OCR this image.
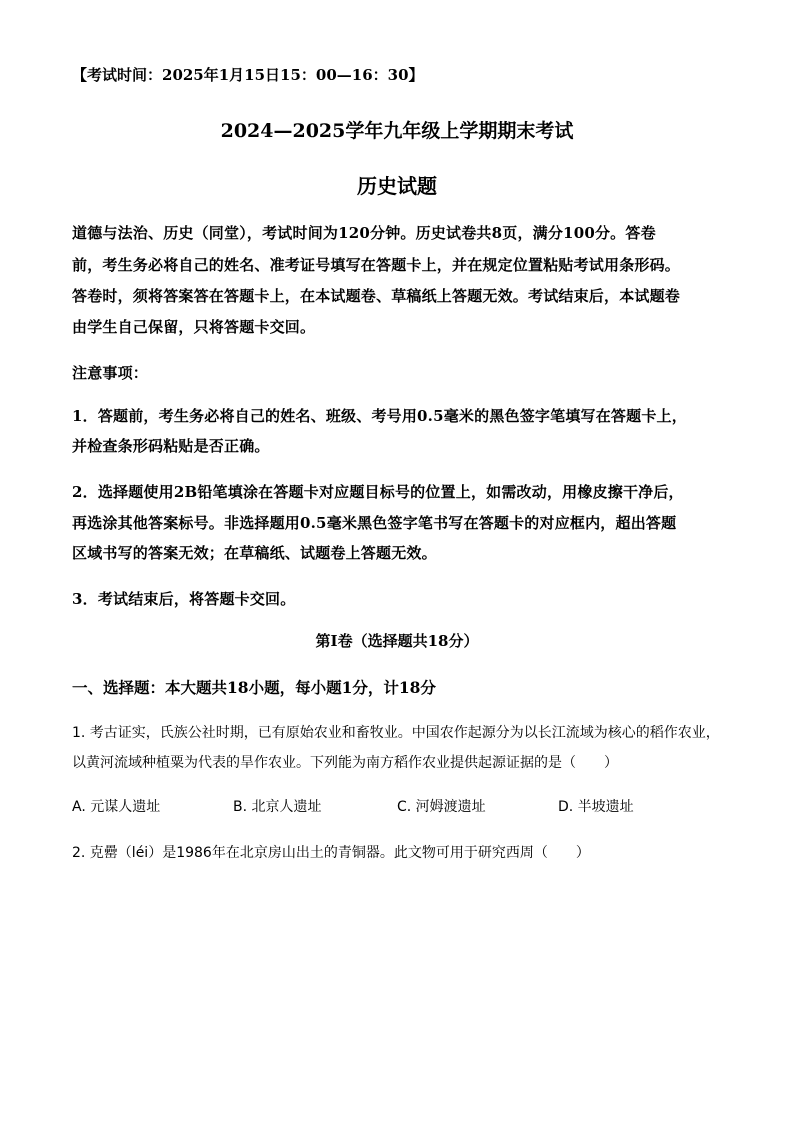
【考试时间：2025年1月15日15：00—16：30】
2024—2025学年九年级上学期期末考试
历史试题
道德与法治、历史（同堂），考试时间为120分钟。历史试卷共8页，满分100分。答卷
前，考生务必将自己的姓名、准考证号填写在答题卡上，并在规定位置粘贴考试用条形码。
答卷时，须将答案答在答题卡上，在本试题卷、草稿纸上答题无效。考试结束后，本试题卷
由学生自己保留，只将答题卡交回。
注意事项：
1．答题前，考生务必将自己的姓名、班级、考号用0.5毫米的黑色签字笔填写在答题卡上，
并检查条形码粘贴是否正确。
2．选择题使用2B铅笔填涂在答题卡对应题目标号的位置上，如需改动，用橡皮擦干净后，
再选涂其他答案标号。非选择题用0.5毫米黑色签字笔书写在答题卡的对应框内，超出答题
区域书写的答案无效；在草稿纸、试题卷上答题无效。
3．考试结束后，将答题卡交回。
第Ⅰ卷（选择题共18分）
一、选择题：本大题共18小题，每小题1分，计18分
1. 考古证实，氏族公社时期，已有原始农业和畜牧业。中国农作起源分为以长江流域为核心的稻作农业，
以黄河流域种植粟为代表的旱作农业。下列能为南方稻作农业提供起源证据的是（　　）
A. 元谋人遗址	B. 北京人遗址	C. 河姆渡遗址	D. 半坡遗址
2. 克罍（léi）是1986年在北京房山出土的青铜器。此文物可用于研究西周（　　）
